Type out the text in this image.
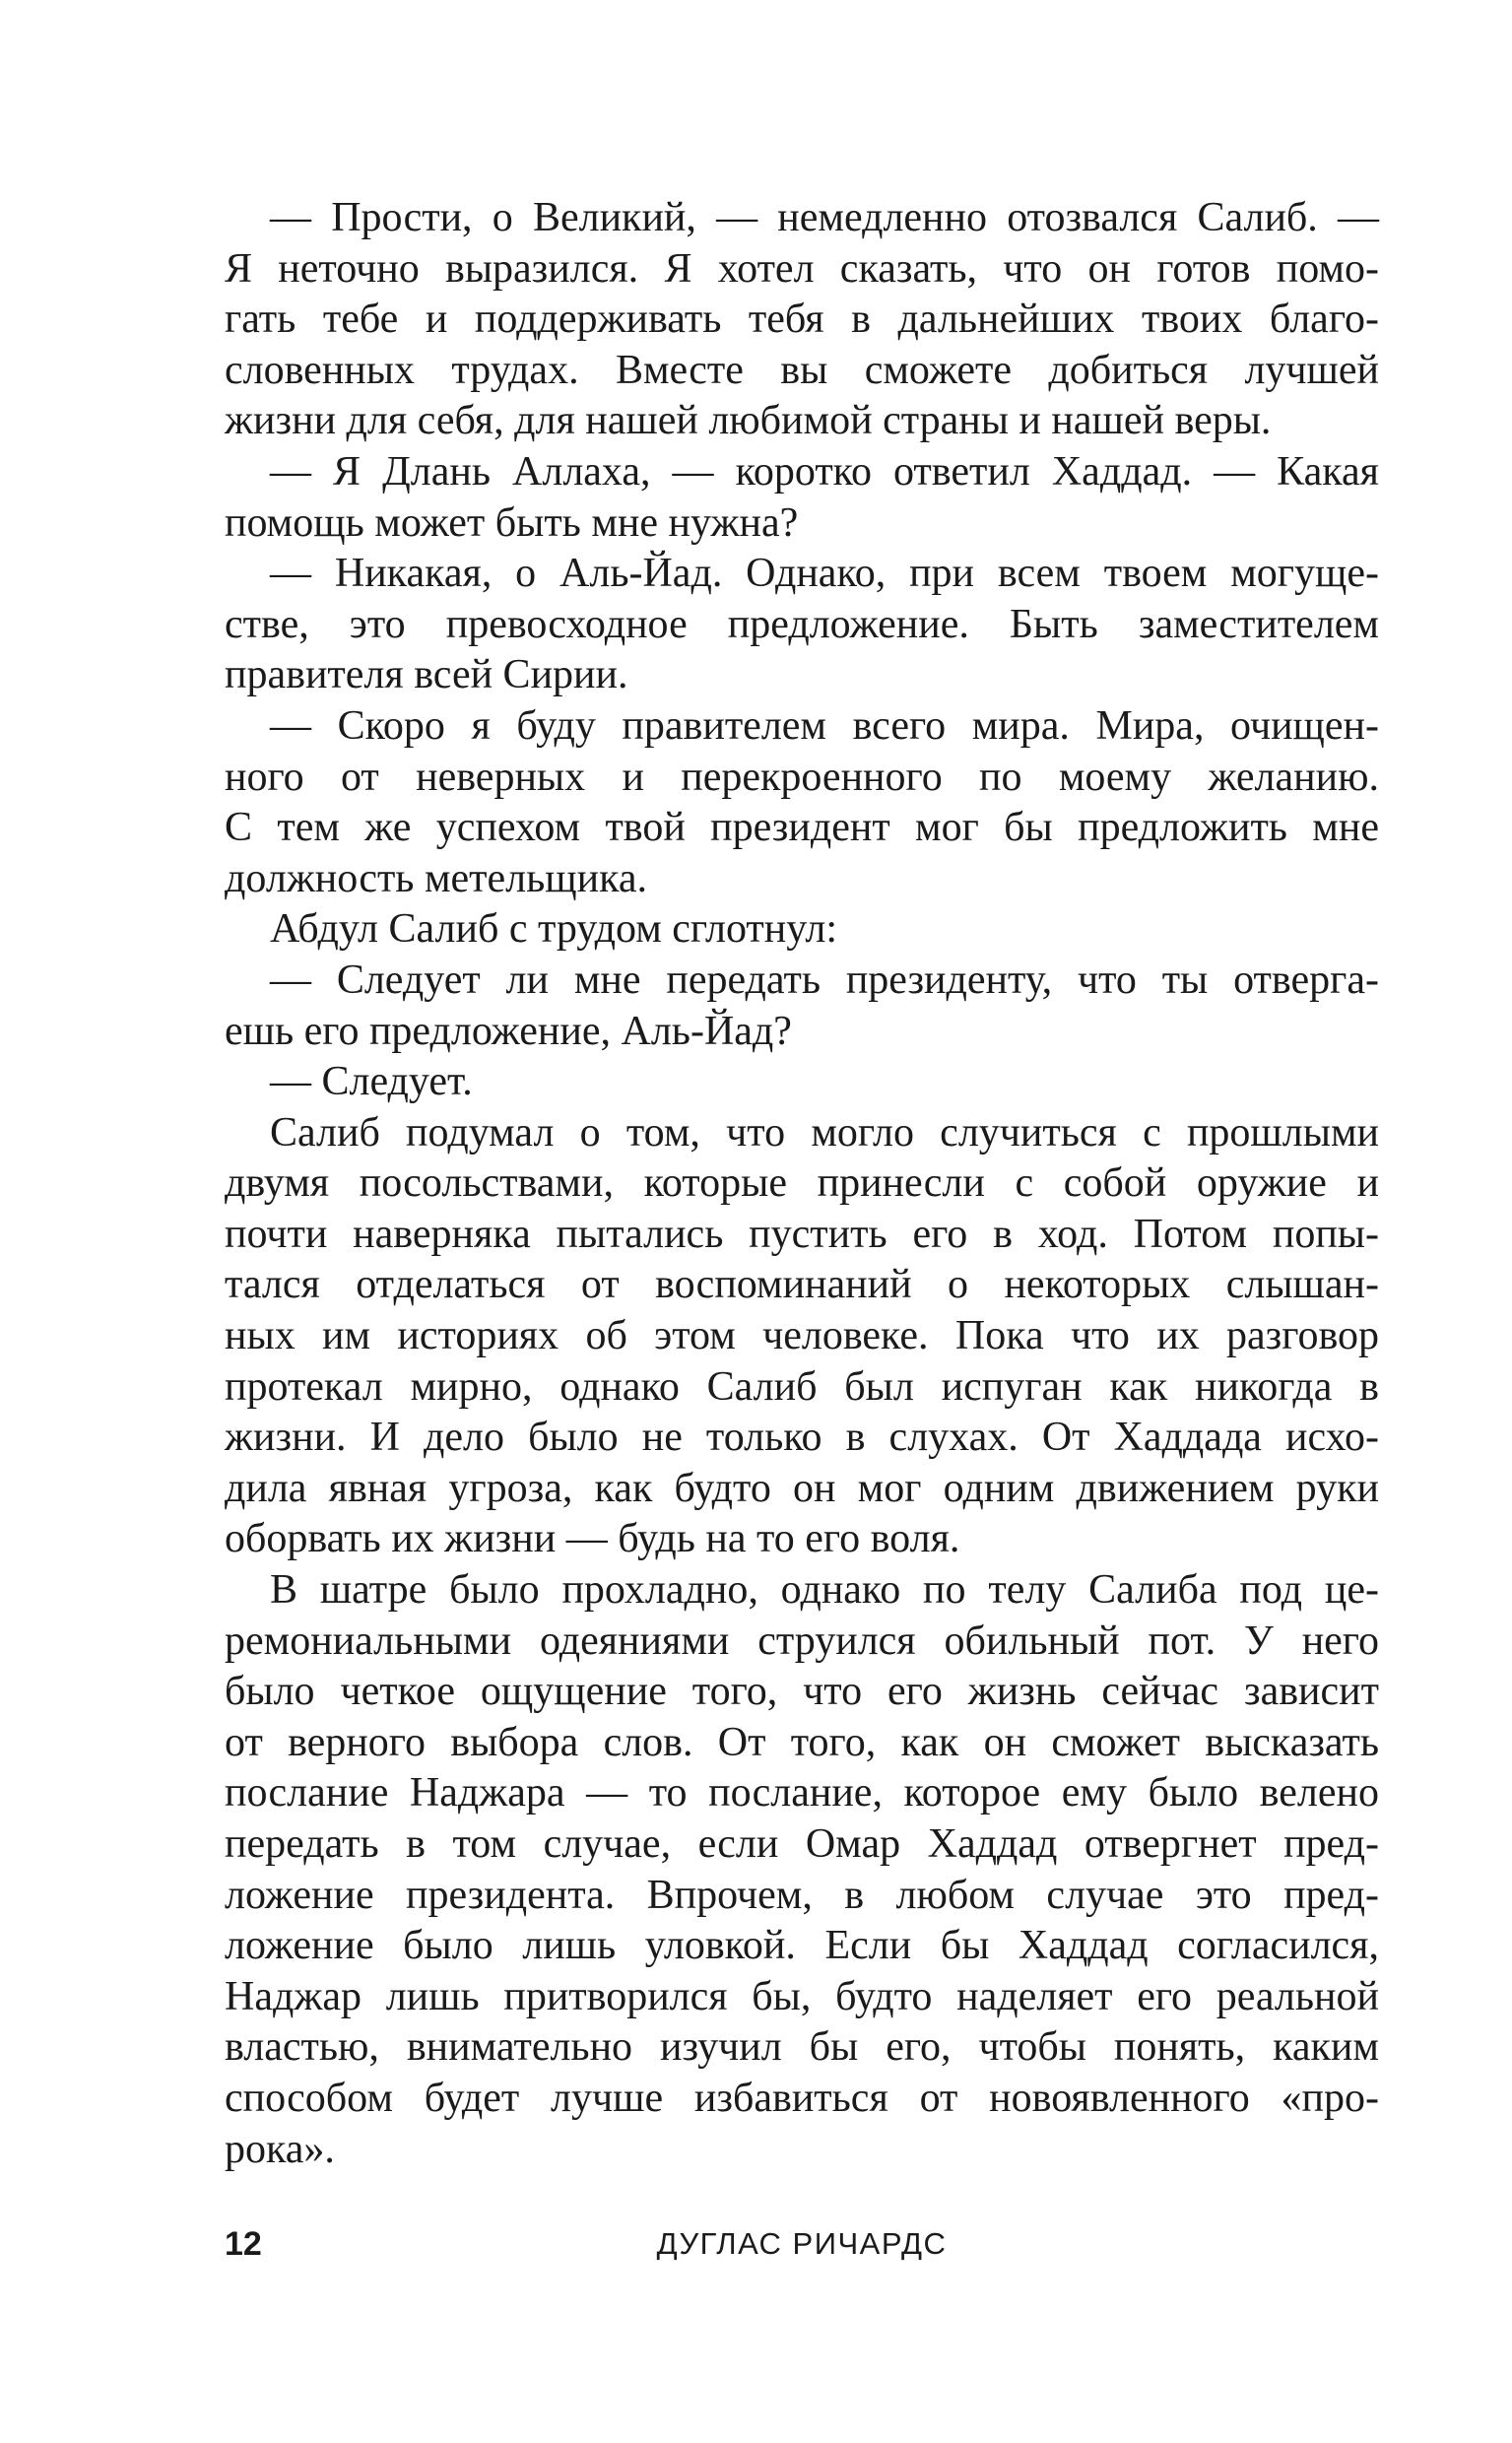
— Прости, о Великий, — немедленно отозвался Салиб. —
Я неточно выразился. Я хотел сказать, что он готов помо-
гать тебе и поддерживать тебя в дальнейших твоих благо-
словенных трудах. Вместе вы сможете добиться лучшей
жизни для себя, для нашей любимой страны и нашей веры.
— Я Длань Аллаха, — коротко ответил Хаддад. — Какая
помощь может быть мне нужна?
— Никакая, о Аль-Йад. Однако, при всем твоем могуще-
стве, это превосходное предложение. Быть заместителем
правителя всей Сирии.
— Скоро я буду правителем всего мира. Мира, очищен-
ного от неверных и перекроенного по моему желанию.
С тем же успехом твой президент мог бы предложить мне
должность метельщика.
Абдул Салиб с трудом сглотнул:
— Следует ли мне передать президенту, что ты отверга-
ешь его предложение, Аль-Йад?
— Следует.
Салиб подумал о том, что могло случиться с прошлыми
двумя посольствами, которые принесли с собой оружие и
почти наверняка пытались пустить его в ход. Потом попы-
тался отделаться от воспоминаний о некоторых слышан-
ных им историях об этом человеке. Пока что их разговор
протекал мирно, однако Салиб был испуган как никогда в
жизни. И дело было не только в слухах. От Хаддада исхо-
дила явная угроза, как будто он мог одним движением руки
оборвать их жизни — будь на то его воля.
В шатре было прохладно, однако по телу Салиба под це-
ремониальными одеяниями струился обильный пот. У него
было четкое ощущение того, что его жизнь сейчас зависит
от верного выбора слов. От того, как он сможет высказать
послание Наджара — то послание, которое ему было велено
передать в том случае, если Омар Хаддад отвергнет пред-
ложение президента. Впрочем, в любом случае это пред-
ложение было лишь уловкой. Если бы Хаддад согласился,
Наджар лишь притворился бы, будто наделяет его реальной
властью, внимательно изучил бы его, чтобы понять, каким
способом будет лучше избавиться от новоявленного «про-
рока».
12	ДУГЛАС РИЧАРДС
